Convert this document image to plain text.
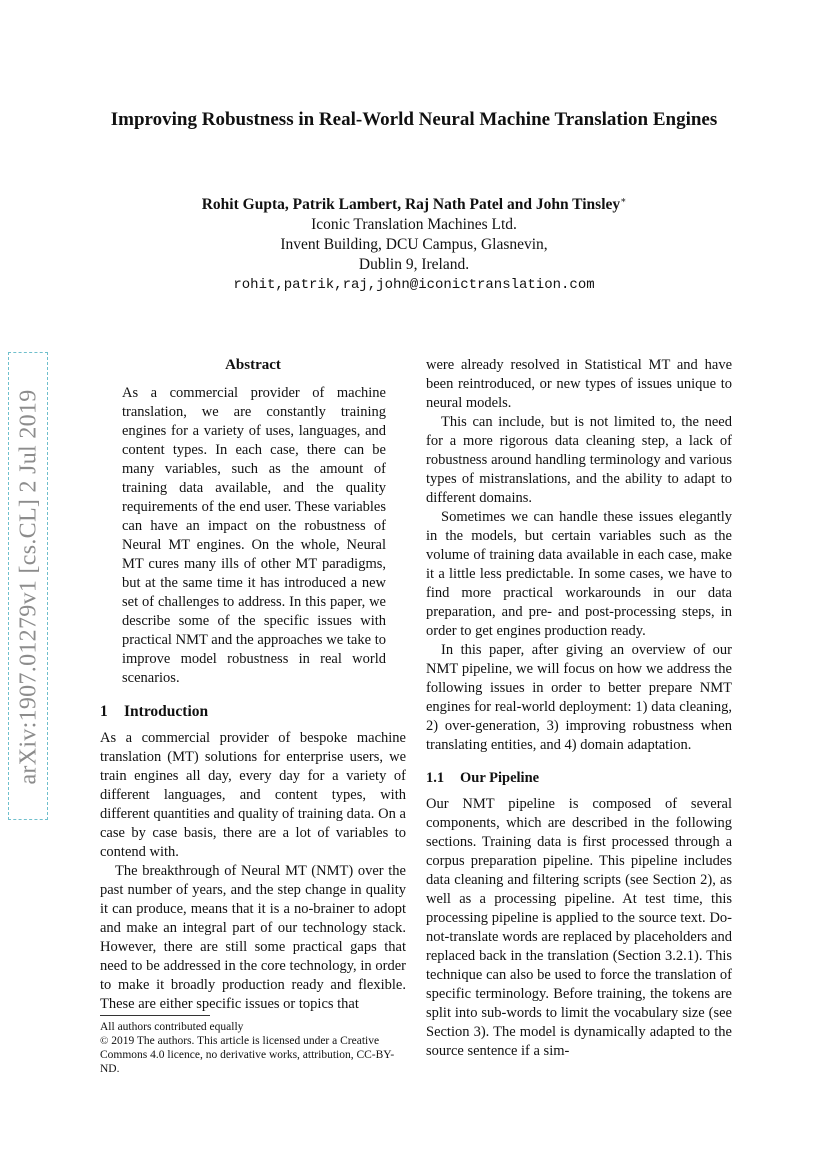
Improving Robustness in Real-World Neural Machine Translation Engines
Rohit Gupta, Patrik Lambert, Raj Nath Patel and John Tinsley∗
Iconic Translation Machines Ltd.
Invent Building, DCU Campus, Glasnevin,
Dublin 9, Ireland.
rohit,patrik,raj,john@iconictranslation.com
arXiv:1907.01279v1 [cs.CL] 2 Jul 2019
Abstract

As a commercial provider of machine translation, we are constantly training engines for a variety of uses, languages, and content types. In each case, there can be many variables, such as the amount of training data available, and the quality requirements of the end user. These variables can have an impact on the robustness of Neural MT engines. On the whole, Neural MT cures many ills of other MT paradigms, but at the same time it has introduced a new set of challenges to address. In this paper, we describe some of the specific issues with practical NMT and the approaches we take to improve model robustness in real world scenarios.

1 Introduction

As a commercial provider of bespoke machine translation (MT) solutions for enterprise users, we train engines all day, every day for a variety of different languages, and content types, with different quantities and quality of training data. On a case by case basis, there are a lot of variables to contend with.

The breakthrough of Neural MT (NMT) over the past number of years, and the step change in quality it can produce, means that it is a no-brainer to adopt and make an integral part of our technology stack. However, there are still some practical gaps that need to be addressed in the core technology, in order to make it broadly production ready and flexible. These are either specific issues or topics that

were already resolved in Statistical MT and have been reintroduced, or new types of issues unique to neural models.

This can include, but is not limited to, the need for a more rigorous data cleaning step, a lack of robustness around handling terminology and various types of mistranslations, and the ability to adapt to different domains.

Sometimes we can handle these issues elegantly in the models, but certain variables such as the volume of training data available in each case, make it a little less predictable. In some cases, we have to find more practical workarounds in our data preparation, and pre- and post-processing steps, in order to get engines production ready.

In this paper, after giving an overview of our NMT pipeline, we will focus on how we address the following issues in order to better prepare NMT engines for real-world deployment: 1) data cleaning, 2) over-generation, 3) improving robustness when translating entities, and 4) domain adaptation.

1.1 Our Pipeline

Our NMT pipeline is composed of several components, which are described in the following sections. Training data is first processed through a corpus preparation pipeline. This pipeline includes data cleaning and filtering scripts (see Section 2), as well as a processing pipeline. At test time, this processing pipeline is applied to the source text. Do-not-translate words are replaced by placeholders and replaced back in the translation (Section 3.2.1). This technique can also be used to force the translation of specific terminology. Before training, the tokens are split into sub-words to limit the vocabulary size (see Section 3). The model is dynamically adapted to the source sentence if a sim-

All authors contributed equally
© 2019 The authors. This article is licensed under a Creative Commons 4.0 licence, no derivative works, attribution, CC-BY-ND.
